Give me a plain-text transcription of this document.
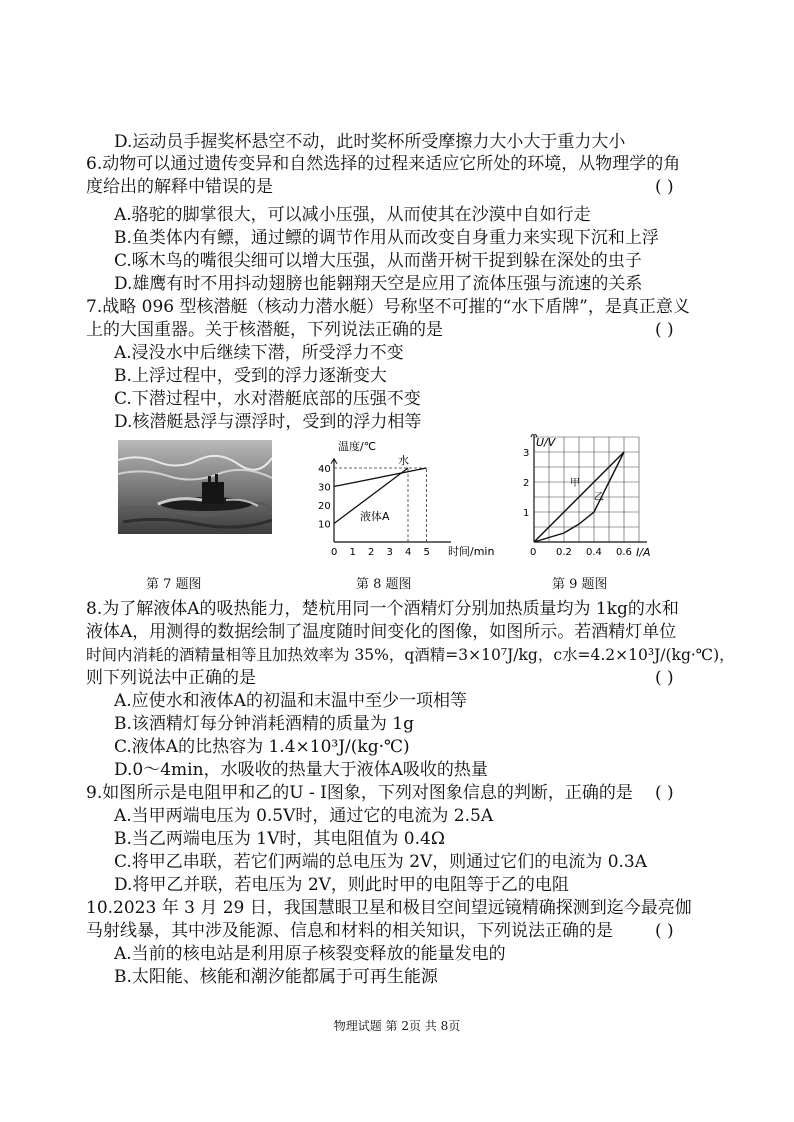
D.运动员手握奖杯悬空不动，此时奖杯所受摩擦力大小大于重力大小
6.动物可以通过遗传变异和自然选择的过程来适应它所处的环境，从物理学的角
度给出的解释中错误的是	( )
A.骆驼的脚掌很大，可以减小压强，从而使其在沙漠中自如行走
B.鱼类体内有鳔，通过鳔的调节作用从而改变自身重力来实现下沉和上浮
C.啄木鸟的嘴很尖细可以增大压强，从而凿开树干捉到躲在深处的虫子
D.雄鹰有时不用抖动翅膀也能翱翔天空是应用了流体压强与流速的关系
7.战略 096 型核潜艇（核动力潜水艇）号称坚不可摧的“水下盾牌”，是真正意义
上的大国重器。关于核潜艇，下列说法正确的是	( )
A.浸没水中后继续下潜，所受浮力不变
B.上浮过程中，受到的浮力逐渐变大
C.下潜过程中，水对潜艇底部的压强不变
D.核潜艇悬浮与漂浮时，受到的浮力相等
0 1 2 3 4 5
10
20
30
40
温度/℃
时间/min
水
液体A
0 0.2 0.4 0.6
1
2
3
U/V
I/A
甲
乙
第 7 题图	第 8 题图	第 9 题图
8.为了解液体A的吸热能力，楚杭用同一个酒精灯分别加热质量均为 1kg的水和
液体A，用测得的数据绘制了温度随时间变化的图像，如图所示。若酒精灯单位
时间内消耗的酒精量相等且加热效率为 35%，q酒精=3×10⁷J/kg，c水=4.2×10³J/(kg·℃)，
则下列说法中正确的是	( )
A.应使水和液体A的初温和末温中至少一项相等
B.该酒精灯每分钟消耗酒精的质量为 1g
C.液体A的比热容为 1.4×10³J/(kg·℃)
D.0～4min，水吸收的热量大于液体A吸收的热量
9.如图所示是电阻甲和乙的U - I图象，下列对图象信息的判断，正确的是 ( )
A.当甲两端电压为 0.5V时，通过它的电流为 2.5A
B.当乙两端电压为 1V时，其电阻值为 0.4Ω
C.将甲乙串联，若它们两端的总电压为 2V，则通过它们的电流为 0.3A
D.将甲乙并联，若电压为 2V，则此时甲的电阻等于乙的电阻
10.2023 年 3 月 29 日，我国慧眼卫星和极目空间望远镜精确探测到迄今最亮伽
马射线暴，其中涉及能源、信息和材料的相关知识，下列说法正确的是 ( )
A.当前的核电站是利用原子核裂变释放的能量发电的
B.太阳能、核能和潮汐能都属于可再生能源
物理试题 第 2页 共 8页
